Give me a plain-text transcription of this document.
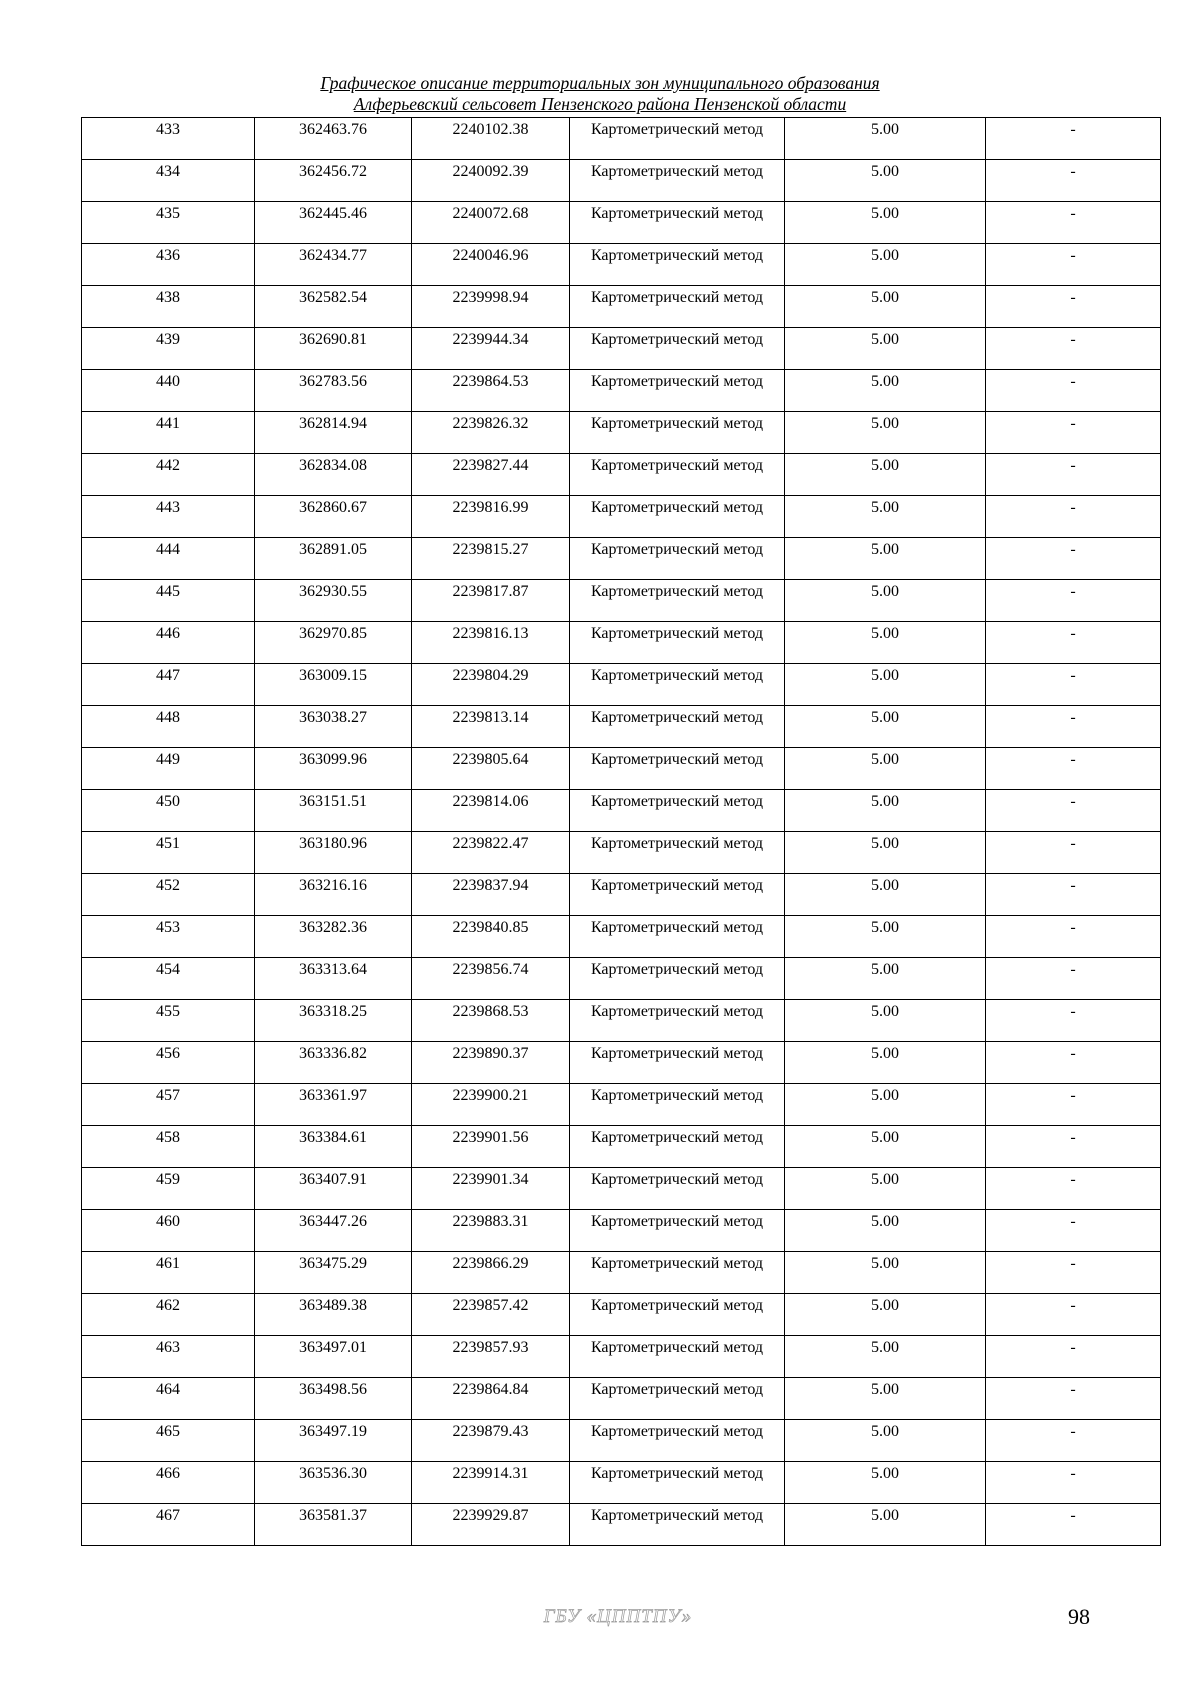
Графическое описание территориальных зон муниципального образования
Алферьевский сельсовет Пензенского района Пензенской области
433	362463.76	2240102.38	Картометрический метод	5.00	-

434	362456.72	2240092.39	Картометрический метод	5.00	-

435	362445.46	2240072.68	Картометрический метод	5.00	-

436	362434.77	2240046.96	Картометрический метод	5.00	-

438	362582.54	2239998.94	Картометрический метод	5.00	-

439	362690.81	2239944.34	Картометрический метод	5.00	-

440	362783.56	2239864.53	Картометрический метод	5.00	-

441	362814.94	2239826.32	Картометрический метод	5.00	-

442	362834.08	2239827.44	Картометрический метод	5.00	-

443	362860.67	2239816.99	Картометрический метод	5.00	-

444	362891.05	2239815.27	Картометрический метод	5.00	-

445	362930.55	2239817.87	Картометрический метод	5.00	-

446	362970.85	2239816.13	Картометрический метод	5.00	-

447	363009.15	2239804.29	Картометрический метод	5.00	-

448	363038.27	2239813.14	Картометрический метод	5.00	-

449	363099.96	2239805.64	Картометрический метод	5.00	-

450	363151.51	2239814.06	Картометрический метод	5.00	-

451	363180.96	2239822.47	Картометрический метод	5.00	-

452	363216.16	2239837.94	Картометрический метод	5.00	-

453	363282.36	2239840.85	Картометрический метод	5.00	-

454	363313.64	2239856.74	Картометрический метод	5.00	-

455	363318.25	2239868.53	Картометрический метод	5.00	-

456	363336.82	2239890.37	Картометрический метод	5.00	-

457	363361.97	2239900.21	Картометрический метод	5.00	-

458	363384.61	2239901.56	Картометрический метод	5.00	-

459	363407.91	2239901.34	Картометрический метод	5.00	-

460	363447.26	2239883.31	Картометрический метод	5.00	-

461	363475.29	2239866.29	Картометрический метод	5.00	-

462	363489.38	2239857.42	Картометрический метод	5.00	-

463	363497.01	2239857.93	Картометрический метод	5.00	-

464	363498.56	2239864.84	Картометрический метод	5.00	-

465	363497.19	2239879.43	Картометрический метод	5.00	-

466	363536.30	2239914.31	Картометрический метод	5.00	-

467	363581.37	2239929.87	Картометрический метод	5.00	-
ГБУ «ЦППТПУ»	98
